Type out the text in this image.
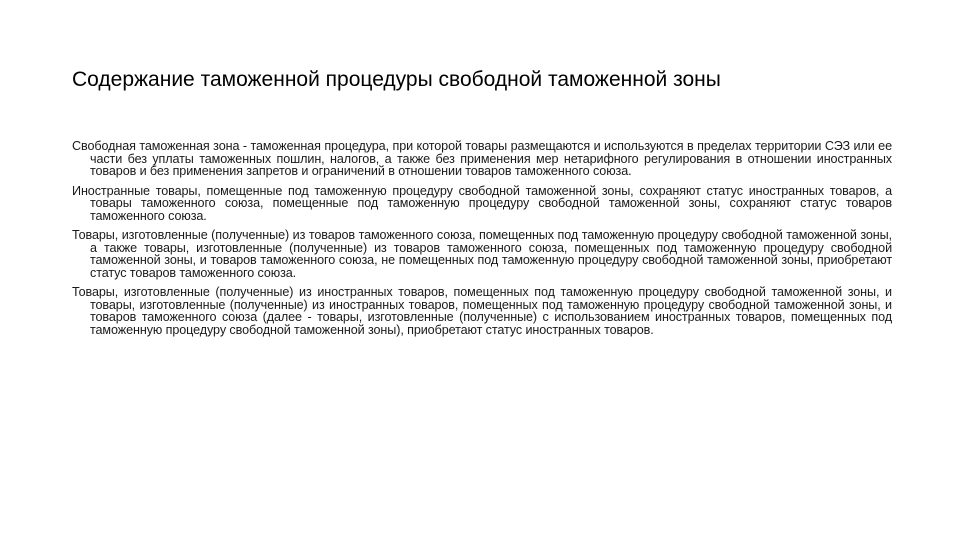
Содержание таможенной процедуры свободной таможенной зоны
Свободная таможенная зона - таможенная процедура, при которой товары размещаются и используются в пределах территории СЭЗ или ее части без уплаты таможенных пошлин, налогов, а также без применения мер нетарифного регулирования в отношении иностранных товаров и без применения запретов и ограничений в отношении товаров таможенного союза.
Иностранные товары, помещенные под таможенную процедуру свободной таможенной зоны, сохраняют статус иностранных товаров, а товары таможенного союза, помещенные под таможенную процедуру свободной таможенной зоны, сохраняют статус товаров таможенного союза.
Товары, изготовленные (полученные) из товаров таможенного союза, помещенных под таможенную процедуру свободной таможенной зоны, а также товары, изготовленные (полученные) из товаров таможенного союза, помещенных под таможенную процедуру свободной таможенной зоны, и товаров таможенного союза, не помещенных под таможенную процедуру свободной таможенной зоны, приобретают статус товаров таможенного союза.
Товары, изготовленные (полученные) из иностранных товаров, помещенных под таможенную процедуру свободной таможенной зоны, и товары, изготовленные (полученные) из иностранных товаров, помещенных под таможенную процедуру свободной таможенной зоны, и товаров таможенного союза (далее - товары, изготовленные (полученные) с использованием иностранных товаров, помещенных под таможенную процедуру свободной таможенной зоны), приобретают статус иностранных товаров.
